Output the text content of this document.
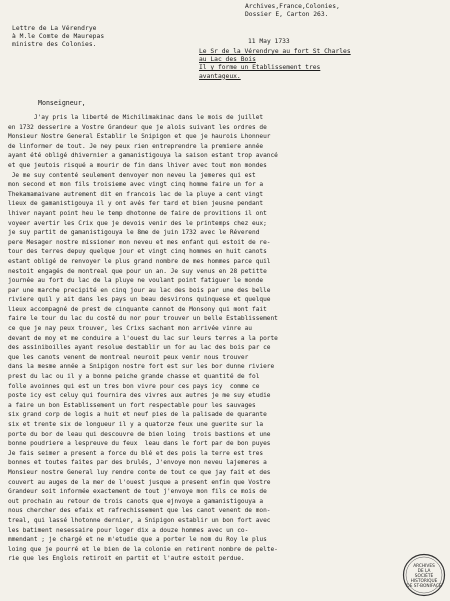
Lettre de La Vérendrye
à M.le Comte de Maurepas
ministre des Colonies.
Archives,France,Colonies,
Dossier E, Carton 263.
11 May 1733
Le Sr de la Vérendrye au fort St Charles
au Lac des Bois
Il y forme un Etablissement tres
avantageux.
Monseigneur,
J'ay pris la liberté de Michilimakinac dans le mois de juillet
en 1732 desserire a Vostre Grandeur que je alois suivant les ordres de
Monsieur Nostre General Establir le Snipigon et que je haurois Lhonneur
de linformer de tout. Je ney peux rien entreprendre la premiere année
ayant été obligé dhivernier a gamanistigouya la saison estant trop avancé
et que jeutois risqué a mourir de fin dans lhiver avec tout mon mondes
Je me suy contenté seulement denvoyer mon neveu la jemeres qui est
mon second et mon fils troisieme avec vingt cinq homme faire un for a
Thekamamaivane autrement dit en francois lac de la pluye a cent vingt
lieux de gamanistigouya il y ont avés fer tard et bien jeusne pendant
lhiver nayant point heu le temp dhotonne de faire de provitions il ont
voyeer avertir les Crix que je devois venir des le printemps chez eux;
je suy partit de gamanistigouya le 8me de juin 1732 avec le Réverend
pere Mesager nostre missioner mon neveu et mes enfant qui estoit de re-
tour des terres depuy quelque jour et vingt cinq hommes en huit canots
estant obligé de renvoyer le plus grand nombre de mes hommes parce quil
nestoit engagés de montreal que pour un an. Je suy venus en 28 petitte
journée au fort du lac de la pluye ne voulant point fatiguer le monde
par une marche precipité en cinq jour au lac des bois par une des belle
riviere quil y ait dans les pays un beau desvirons quinquese et quelque
lieux accompagné de prest de cinquante cannot de Monsony qui mont fait
faire le tour du lac du costé du nor pour trouver un belle Establissement
ce que je nay peux trouver, les Crixs sachant mon arrivée vinre au
devant de moy et me conduire a l'ouest du lac sur leurs terres a la porte
des assiniboilles ayant resolue destablir un for au lac des bois par ce
que les canots venent de montreal neuroit peux venir nous trouver
dans la mesme année a Snipigon nostre fort est sur les bor dunne riviere
prest du lac ou il y a bonne peiche grande chasse et quantité de fol
folle avoinnes qui est un tres bon vivre pour ces pays icy  comme ce
poste icy est celuy qui fournira des vivres aux autres je me suy etudie
a faire un bon Establissement un fort respectable pour les sauvages
six grand corp de logis a huit et neuf pies de la palisade de quarante
six et trente six de longueur il y a quatorze feux une guerite sur la
porte du bor de leau qui descouvre de bien loing  trois bastions et une
bonne poudriere a lespreuve du feux  leau dans le fort par de bon puyes
Je fais seimer a present a force du blé et des pois la terre est tres
bonnes et toutes faites par des brulés, J'envoye mon neveu lajemeres a
Monsieur nostre General luy rendre conte de tout ce que jay fait et des
couvert au auges de la mer de l'ouest jusque a present enfin que Vostre
Grandeur soit informée exactement de tout j'envoye mon fils ce mois de
out prochain au retour de trois canots que ejnvoye a gamanistigouya a
nous chercher des efaix et rafrechissement que les canot venent de mon-
treal, qui lassé lhotonne dernier, a Snipigon establir un bon fort avec
les batiment nesessaire pour loger dix a douze hommes avec un co-
mmendant ; je chargé et ne m'etudie que a porter le nom du Roy le plus
loing que je pourré et le bien de la colonie en retirent nombre de pelte-
rie que les Englois retiroit en partit et l'autre estoit perdue.
ARCHIVES
DE LA
SOCIÉTÉ
HISTORIQUE
DE ST-BONIFACE
